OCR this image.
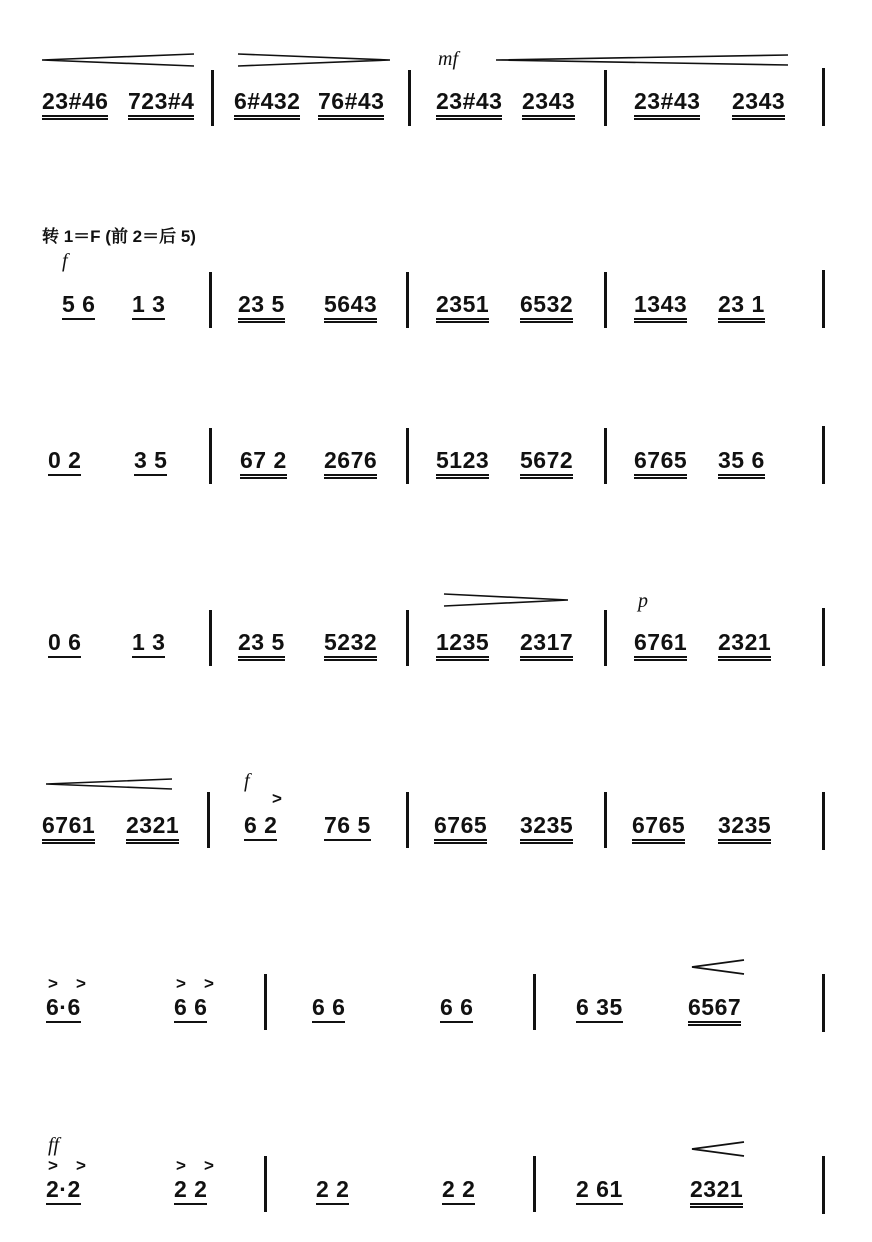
mf
23#46 723#4 6#432 76#43 23#43 2343	23#43 2343
转 1＝F (前 2＝后 5)
f
5 6 1 3	23 5 5643	2351 6532	1343 23 1
0 2 3 5	67 2 2676	5123 5672	6765 35 6
p
0 6 1 3	23 5 5232	1235 2317	6761 2321
f
>
6761 2321	6 2 76 5	6765 3235	6765 3235
> >	> >
6·6	6 6	6 6	6 6	6 35	6567
ff
> >	> >
2·2	2 2	2 2	2 2	2 61	2321
